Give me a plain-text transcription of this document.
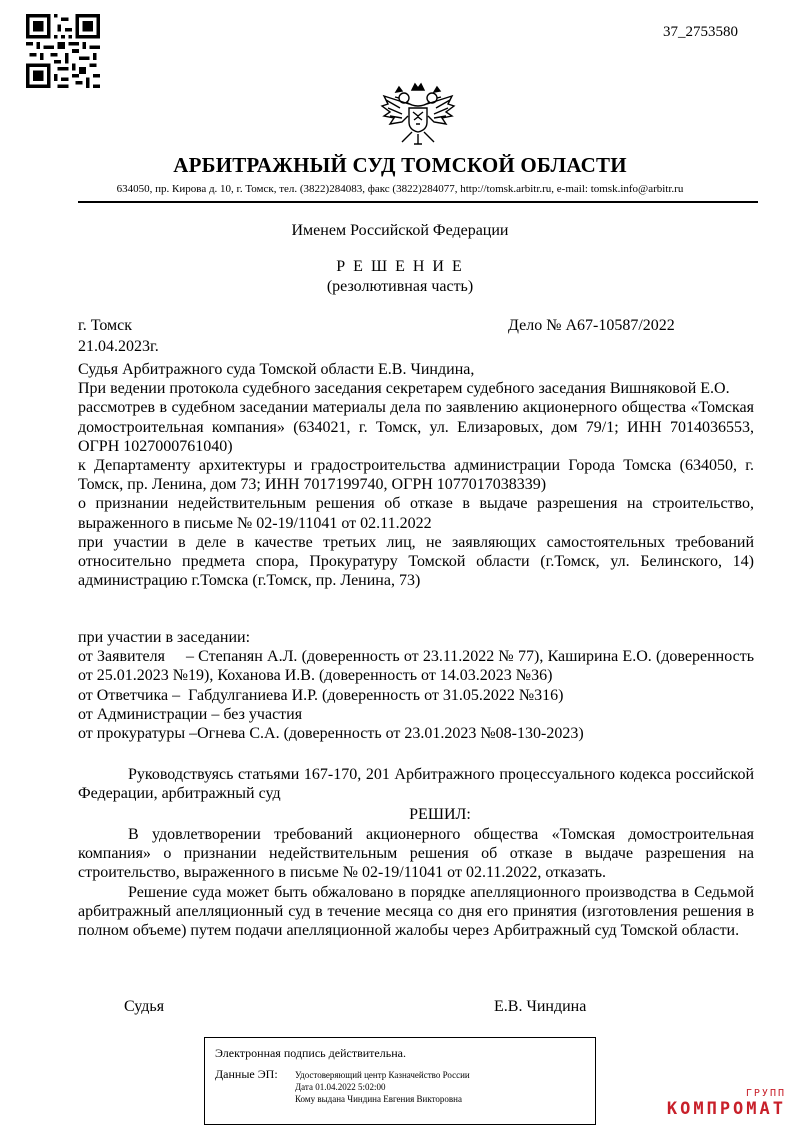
37_2753580
АРБИТРАЖНЫЙ СУД ТОМСКОЙ ОБЛАСТИ
634050, пр. Кирова д. 10, г. Томск, тел. (3822)284083, факс (3822)284077, http://tomsk.arbitr.ru, e-mail: tomsk.info@arbitr.ru
Именем Российской Федерации
Р Е Ш Е Н И Е
(резолютивная часть)
г. Томск	Дело № А67-10587/2022
21.04.2023г.

Судья Арбитражного суда Томской области Е.В. Чиндина,

При ведении протокола судебного заседания секретарем судебного заседания Вишняковой Е.О.

рассмотрев в судебном заседании материалы дела по заявлению акционерного общества «Томская домостроительная компания» (634021, г. Томск, ул. Елизаровых, дом 79/1; ИНН 7014036553, ОГРН 1027000761040)

к Департаменту архитектуры и градостроительства администрации Города Томска (634050, г. Томск, пр. Ленина, дом 73; ИНН 7017199740, ОГРН 1077017038339)

о признании недействительным решения об отказе в выдаче разрешения на строительство, выраженного в письме № 02-19/11041 от 02.11.2022

при участии в деле в качестве третьих лиц, не заявляющих самостоятельных требований относительно предмета спора, Прокуратуру Томской области (г.Томск, ул. Белинского, 14) администрацию г.Томска (г.Томск, пр. Ленина, 73)

при участии в заседании:

от Заявителя     – Степанян А.Л. (доверенность от 23.11.2022 № 77), Каширина Е.О. (доверенность от 25.01.2023 №19), Коханова И.В. (доверенность от 14.03.2023 №36)

от Ответчика –  Габдулганиева И.Р. (доверенность от 31.05.2022 №316)

от Администрации – без участия

от прокуратуры –Огнева С.А. (доверенность от 23.01.2023 №08-130-2023)

Руководствуясь статьями 167-170, 201 Арбитражного процессуального кодекса российской Федерации, арбитражный суд
РЕШИЛ:
В удовлетворении требований акционерного общества «Томская домостроительная компания» о признании недействительным решения об отказе в выдаче разрешения на строительство, выраженного в письме № 02-19/11041 от 02.11.2022, отказать.
Решение суда может быть обжаловано в порядке апелляционного производства в Седьмой арбитражный апелляционный суд в течение месяца со дня его принятия (изготовления решения в полном объеме) путем подачи апелляционной жалобы через Арбитражный суд Томской области.
Судья	Е.В. Чиндина
Электронная подпись действительна.
Данные ЭП: Удостоверяющий центр Казначейство России
Дата 01.04.2022 5:02:00
Кому выдана Чиндина Евгения Викторовна	ГРУПП
КОМПРОМАТ
